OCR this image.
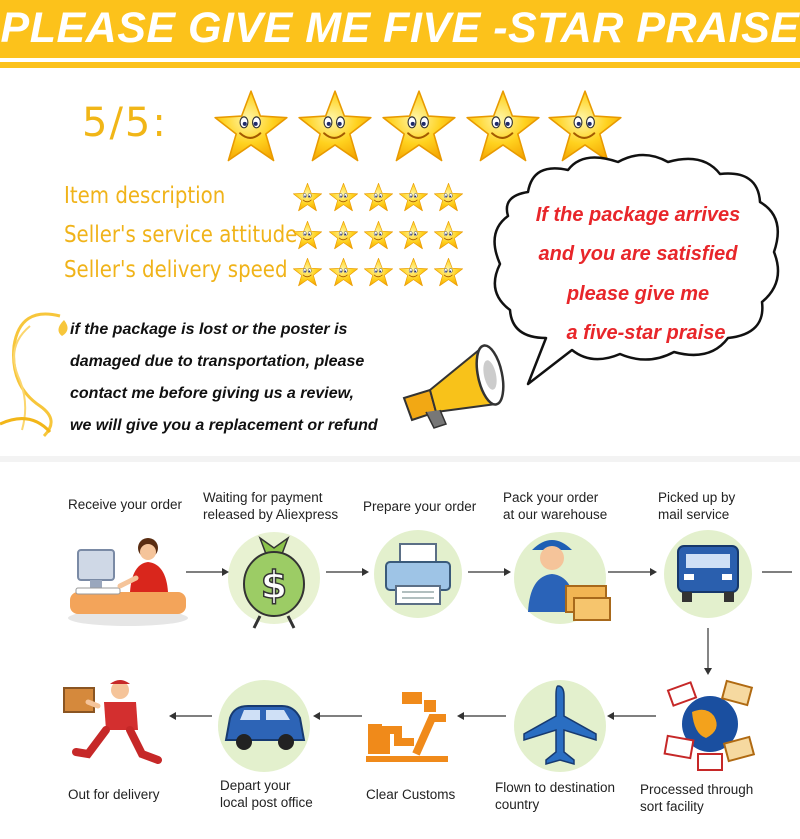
PLEASE GIVE ME FIVE -STAR PRAISE
5/5:
Item description
Seller's service attitude
Seller's delivery speed
If the package arrives
and you are satisfied
please give me
a five-star praise
if the package is lost or the poster is
damaged due to transportation, please
contact me before giving us a review,
we will give you a replacement or refund
Receive your order Waiting for payment
released by Aliexpress
Prepare your order
Pack your order
at our warehouse
Picked up by
mail service
$
Out for delivery
Depart your
local post office
Clear Customs	Flown to destination
country
Processed through
sort facility
